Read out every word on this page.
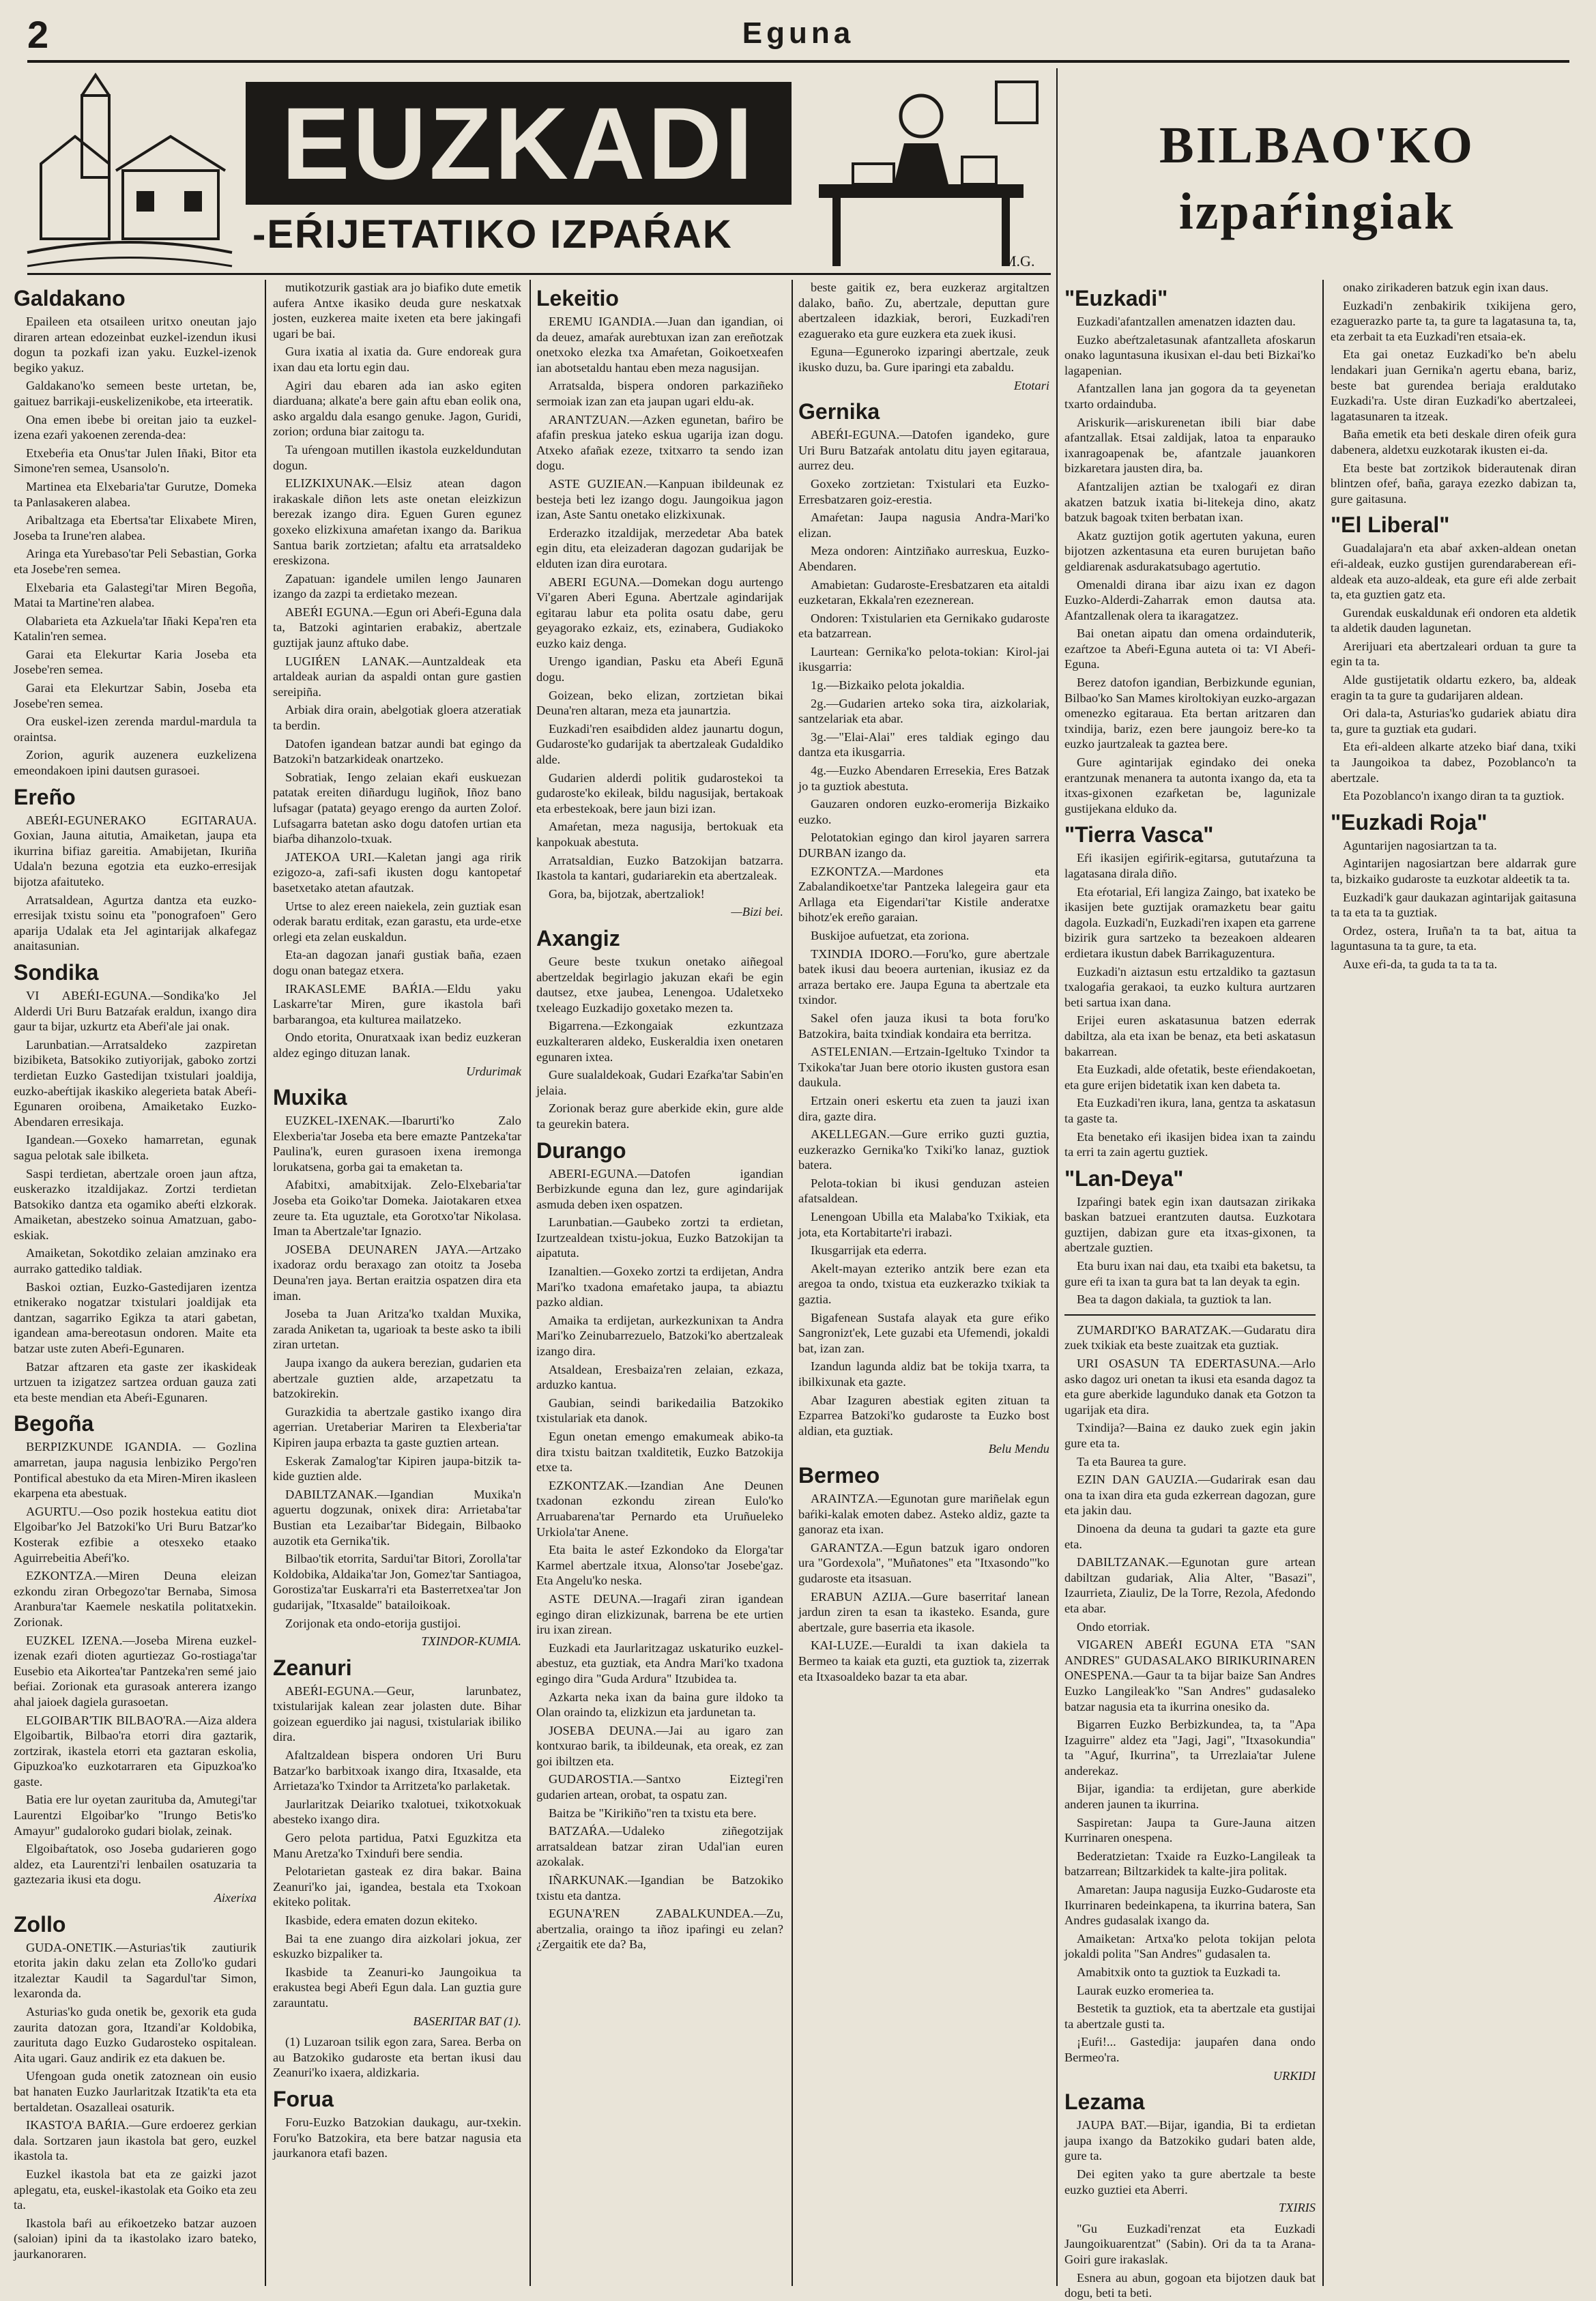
2	Eguna
EUZKADI
-EŔIJETATIKO IZPAŔAK
M.G.
BILBAO'KO
izpaŕingiak
Galdakano

Epaileen eta otsaileen uritxo oneutan jajo diraren artean edozeinbat euzkel-izendun ikusi dogun ta pozkafi izan yaku. Euzkel-izenok begiko yakuz.

Galdakano'ko semeen beste urtetan, be, gaituez barrikaji-euskelizenikobe, eta irteeratik.

Ona emen ibebe bi oreitan jaio ta euzkel-izena ezaŕi yakoenen zerenda-dea:

Etxebeŕia eta Onus'tar Julen Iñaki, Bitor eta Simone'ren semea, Usansolo'n.

Martinea eta Elxebaria'tar Gurutze, Domeka ta Panlasakeren alabea.

Aribaltzaga eta Ebertsa'tar Elixabete Miren, Joseba ta Irune'ren alabea.

Aringa eta Yurebaso'tar Peli Sebastian, Gorka eta Josebe'ren semea.

Elxebaria eta Galastegi'tar Miren Begoña, Matai ta Martine'ren alabea.

Olabarieta eta Azkuela'tar Iñaki Kepa'ren eta Katalin'ren semea.

Garai eta Elekurtar Karia Joseba eta Josebe'ren semea.

Garai eta Elekurtzar Sabin, Joseba eta Josebe'ren semea.

Ora euskel-izen zerenda mardul-mardula ta oraintsa.

Zorion, agurik auzenera euzkelizena emeondakoen ipini dautsen gurasoei.

Ereño

ABEŔI-EGUNERAKO EGITARAUA. Goxian, Jauna aitutia, Amaiketan, jaupa eta ikurrina bifiaz gareitia. Amabijetan, Ikuriña Udala'n bezuna egotzia eta euzko-erresijak bijotza afaituteko.

Arratsaldean, Agurtza dantza eta euzko-erresijak txistu soinu eta "ponografoen" Gero aparija Udalak eta Jel agintarijak alkafegaz anaitasunian.

Sondika

VI ABEŔI-EGUNA.—Sondika'ko Jel Alderdi Uri Buru Batzaŕak eraldun, ixango dira gaur ta bijar, uzkurtz eta Abeŕi'ale jai onak.

Larunbatian.—Arratsaldeko zazpiretan bizibiketa, Batsokiko zutiyorijak, gaboko zortzi terdietan Euzko Gastedijan txistulari joaldija, euzko-abeŕtijak ikaskiko alegerieta batak Abeŕi-Egunaren oroibena, Amaiketako Euzko-Abendaren erresikaja.

Igandean.—Goxeko hamarretan, egunak sagua pelotak sale ibilketa.

Saspi terdietan, abertzale oroen jaun aftza, euskerazko itzaldijakaz. Zortzi terdietan Batsokiko dantza eta ogamiko abeŕti elzkorak. Amaiketan, abestzeko soinua Amatzuan, gabo-eskiak.

Amaiketan, Sokotdiko zelaian amzinako era aurrako gattediko taldiak.

Baskoi oztian, Euzko-Gastedijaren izentza etnikerako nogatzar txistulari joaldijak eta dantzan, sagarriko Egikza ta atari gabetan, igandean ama-bereotasun ondoren. Maite eta batzar uste zuten Abeŕi-Egunaren.

Batzar aftzaren eta gaste zer ikaskideak urtzuen ta izigatzez sartzea orduan gauza zati eta beste mendian eta Abeŕi-Egunaren.

Begoña

BERPIZKUNDE IGANDIA. — Gozlina amarretan, jaupa nagusia lenbiziko Pergo'ren Pontifical abestuko da eta Miren-Miren ikasleen ekarpena eta abestuak.

AGURTU.—Oso pozik hostekua eatitu diot Elgoibar'ko Jel Batzoki'ko Uri Buru Batzar'ko Kosterak ezfibie a otesxeko etaako Aguirrebeitia Abeŕi'ko.

EZKONTZA.—Miren Deuna eleizan ezkondu ziran Orbegozo'tar Bernaba, Simosa Aranbura'tar Kaemele neskatila politatxekin. Zorionak.

EUZKEL IZENA.—Joseba Mirena euzkel-izenak ezaŕi dioten agurtiezaz Go-rostiaga'tar Eusebio eta Aikortea'tar Pantzeka'ren semé jaio beŕiai. Zorionak eta gurasoak anterera izango ahal jaioek dagiela gurasoetan.

ELGOIBAR'TIK BILBAO'RA.—Aiza aldera Elgoibartik, Bilbao'ra etorri dira gaztarik, zortzirak, ikastela etorri eta gaztaran eskolia, Gipuzkoa'ko euzkotarraren eta Gipuzkoa'ko gaste.

Batia ere lur oyetan zaurituba da, Amutegi'tar Laurentzi Elgoibar'ko "Irungo Betis'ko Amayur" gudaloroko gudari biolak, zeinak.

Elgoibaŕtatok, oso Joseba gudarieren gogo aldez, eta Laurentzi'ri lenbailen osatuzaria ta gaztezaria ikusi eta dogu.

Aixerixa
Zollo

GUDA-ONETIK.—Asturias'tik zautiurik etorita jakin daku zelan eta Zollo'ko gudari itzaleztar Kaudil ta Sagardul'tar Simon, lexaronda da.

Asturias'ko guda onetik be, gexorik eta guda zaurita datozan gora, Itzandi'ar Koldobika, zaurituta dago Euzko Gudarosteko ospitalean. Aita ugari. Gauz andirik ez eta dakuen be.

Ufengoan guda onetik zatoznean oin eusio bat hanaten Euzko Jaurlaritzak Itzatik'ta eta eta bertaldetan. Osazalleai osaturik.

IKASTO'A BAŔIA.—Gure erdoerez gerkian dala. Sortzaren jaun ikastola bat gero, euzkel ikastola ta.

Euzkel ikastola bat eta ze gaizki jazot aplegatu, eta, euskel-ikastolak eta Goiko eta zeu ta.

Ikastola baŕi au eŕikoetzeko batzar auzoen (saloian) ipini da ta ikastolako izaro bateko, jaurkanoraren.

mutikotzurik gastiak ara jo biafiko dute emetik aufera Antxe ikasiko deuda gure neskatxak josten, euzkerea maite ixeten eta bere jakingafi ugari be bai.

Gura ixatia al ixatia da. Gure endoreak gura ixan dau eta lortu egin dau.

Agiri dau ebaren ada ian asko egiten diarduana; alkate'a bere gain aftu eban eolik ona, asko argaldu dala esango genuke. Jagon, Guridi, zorion; orduna biar zaitogu ta.

Ta uŕengoan mutillen ikastola euzkeldundutan dogun.

ELIZKIXUNAK.—Elsiz atean dagon irakaskale diñon lets aste onetan eleizkizun berezak izango dira. Eguen Guren egunez goxeko elizkixuna amaŕetan ixango da. Barikua Santua barik zortzietan; afaltu eta arratsaldeko ereskizona.

Zapatuan: igandele umilen lengo Jaunaren izango da zazpi ta erdietako mezean.

ABEŔI EGUNA.—Egun ori Abeŕi-Eguna dala ta, Batzoki agintarien erabakiz, abertzale guztijak jaunz aftuko dabe.

LUGIŔEN LANAK.—Auntzaldeak eta artaldeak aurian da aspaldi ontan gure gastien sereipiña.

Arbiak dira orain, abelgotiak gloera atzeratiak ta berdin.

Datofen igandean batzar aundi bat egingo da Batzoki'n batzarkideak onartzeko.

Sobratiak, Iengo zelaian ekaŕi euskuezan patatak ereiten diñardugu lugiñok, Iñoz bano lufsagar (patata) geyago erengo da aurten Zoloŕ. Lufsagarra batetan asko dogu datofen urtian eta biaŕba dihanzolo-txuak.

JATEKOA URI.—Kaletan jangi aga ririk ezigozo-a, zafi-safi ikusten dogu kantopetaŕ basetxetako atetan afautzak.

Urtse to alez ereen naiekela, zein guztiak esan oderak baratu erditak, ezan garastu, eta urde-etxe orlegi eta zelan euskaldun.

Eta-an dagozan janaŕi gustiak baña, ezaen dogu onan bategaz etxera.

IRAKASLEME BAŔIA.—Eldu yaku Laskarre'tar Miren, gure ikastola baŕi barbarangoa, eta kulturea mailatzeko.

Ondo etorita, Onuratxaak ixan bediz euzkeran aldez egingo dituzan lanak.

Urdurimak
Muxika

EUZKEL-IXENAK.—Ibarurti'ko Zalo Elexberia'tar Joseba eta bere emazte Pantzeka'tar Paulina'k, euren gurasoen ixena iremonga lorukatsena, gorba gai ta emaketan ta.

Afabitxi, amabitxijak. Zelo-Elxebaria'tar Joseba eta Goiko'tar Domeka. Jaiotakaren etxea zeure ta. Eta uguztale, eta Gorotxo'tar Nikolasa. Iman ta Abertzale'tar Ignazio.

JOSEBA DEUNAREN JAYA.—Artzako ixadoraz ordu beraxago zan otoitz ta Joseba Deuna'ren jaya. Bertan eraitzia ospatzen dira eta iman.

Joseba ta Juan Aritza'ko txaldan Muxika, zarada Aniketan ta, ugarioak ta beste asko ta ibili ziran urtetan.

Jaupa ixango da aukera berezian, gudarien eta abertzale guztien alde, arzapetzatu ta batzokirekin.

Gurazkidia ta abertzale gastiko ixango dira agerrian. Uretaberiar Mariren ta Elexberia'tar Kipiren jaupa erbazta ta gaste guztien artean.

Eskerak Zamalog'tar Kipiren jaupa-bitzik ta-kide guztien alde.

DABILTZANAK.—Igandian Muxika'n aguertu dogzunak, onixek dira: Arrietaba'tar Bustian eta Lezaibar'tar Bidegain, Bilbaoko auzotik eta Gernika'tik.

Bilbao'tik etorrita, Sardui'tar Bitori, Zorolla'tar Koldobika, Aldaika'tar Jon, Gomez'tar Santiagoa, Gorostiza'tar Euskarra'ri eta Basterretxea'tar Jon gudarijak, "Itxasalde" batailoikoak.

Zorijonak eta ondo-etorija gustijoi.

TXINDOR-KUMIA.
Zeanuri

ABEŔI-EGUNA.—Geur, larunbatez, txistularijak kalean zear jolasten dute. Bihar goizean eguerdiko jai nagusi, txistulariak ibiliko dira.

Afaltzaldean bispera ondoren Uri Buru Batzar'ko barbitxoak ixango dira, Itxasalde, eta Arrietaza'ko Txindor ta Arritzeta'ko parlaketak.

Jaurlaritzak Deiariko txalotuei, txikotxokuak abesteko ixango dira.

Gero pelota partidua, Patxi Eguzkitza eta Manu Aretza'ko Txinduŕi bere sendia.

Pelotarietan gasteak ez dira bakar. Baina Zeanuri'ko jai, igandea, bestala eta Txokoan ekiteko politak.

Ikasbide, edera ematen dozun ekiteko.

Bai ta ene zuango dira aizkolari jokua, zer eskuzko bizpaliker ta.

Ikasbide ta Zeanuri-ko Jaungoikua ta erakustea begi Abeŕi Egun dala. Lan guztia gure zarauntatu.

BASERITAR BAT (1).

(1) Luzaroan tsilik egon zara, Sarea. Berba on au Batzokiko gudaroste eta bertan ikusi dau Zeanuri'ko ixaera, aldizkaria.

Forua

Foru-Euzko Batzokian daukagu, aur-txekin. Foru'ko Batzokira, eta bere batzar nagusia eta jaurkanora etafi bazen.

Lekeitio

EREMU IGANDIA.—Juan dan igandian, oi da deuez, amaŕak aurebtuxan izan zan ereñotzak onetxoko elezka txa Amaŕetan, Goikoetxeafen ian abotsetaldu hantau eben meza nagusijan.

Arratsalda, bispera ondoren parkaziñeko sermoiak izan zan eta jaupan ugari eldu-ak.

ARANTZUAN.—Azken egunetan, baŕiro be afafin preskua jateko eskua ugarija izan dogu. Atxeko afañak ezeze, txitxarro ta sendo izan dogu.

ASTE GUZIEAN.—Kanpuan ibildeunak ez besteja beti lez izango dogu. Jaungoikua jagon izan, Aste Santu onetako elizkixunak.

Erderazko itzaldijak, merzedetar Aba batek egin ditu, eta eleizaderan dagozan gudarijak be elduten izan dira eurotara.

ABERI EGUNA.—Domekan dogu aurtengo Vi'garen Aberi Eguna. Abertzale agindarijak egitarau labur eta polita osatu dabe, geru geyagorako ezkaiz, ets, ezinabera, Gudiakoko euzko kaiz denga.

Urengo igandian, Pasku eta Abeŕi Egunā dogu.

Goizean, beko elizan, zortzietan bikai Deuna'ren altaran, meza eta jaunartzia.

Euzkadi'ren esaibdiden aldez jaunartu dogun, Gudaroste'ko gudarijak ta abertzaleak Gudaldiko alde.

Gudarien alderdi politik gudarostekoi ta gudaroste'ko ekileak, bildu nagusijak, bertakoak eta erbestekoak, bere jaun bizi izan.

Amaŕetan, meza nagusija, bertokuak eta kanpokuak abestuta.

Arratsaldian, Euzko Batzokijan batzarra. Ikastola ta kantari, gudariarekin eta abertzaleak.

Gora, ba, bijotzak, abertzaliok!

—Bizi bei.
Axangiz

Geure beste txukun onetako aiñegoal abertzeldak begirlagio jakuzan ekaŕi be egin dautsez, etxe jaubea, Lenengoa. Udaletxeko txeleago Euzkadijo goxetako mezen ta.

Bigarrena.—Ezkongaiak ezkuntzaza euzkalteraren aldeko, Euskeraldia ixen onetaren egunaren ixtea.

Gure sualaldekoak, Gudari Ezaŕka'tar Sabin'en jelaia.

Zorionak beraz gure aberkide ekin, gure alde ta geurekin batera.

Durango

ABERI-EGUNA.—Datofen igandian Berbizkunde eguna dan lez, gure agindarijak asmuda deben ixen ospatzen.

Larunbatian.—Gaubeko zortzi ta erdietan, Izurtzealdean txistu-jokua, Euzko Batzokijan ta aipatuta.

Izanaltien.—Goxeko zortzi ta erdijetan, Andra Mari'ko txadona emaŕetako jaupa, ta abiaztu pazko aldian.

Amaika ta erdijetan, aurkezkunixan ta Andra Mari'ko Zeinubarrezuelo, Batzoki'ko abertzaleak izango dira.

Atsaldean, Eresbaiza'ren zelaian, ezkaza, arduzko kantua.

Gaubian, seindi barikedailia Batzokiko txistulariak eta danok.

Egun onetan emengo emakumeak abiko-ta dira txistu baitzan txalditetik, Euzko Batzokija etxe ta.

EZKONTZAK.—Izandian Ane Deunen txadonan ezkondu zirean Eulo'ko Arruabarena'tar Pernardo eta Uruñueleko Urkiola'tar Anene.

Eta baita le asteŕ Ezkondoko da Elorga'tar Karmel abertzale itxua, Alonso'tar Josebe'gaz. Eta Angelu'ko neska.

ASTE DEUNA.—Iragaŕi ziran igandean egingo diran elizkizunak, barrena be ete urtien iru ixan zirean.

Euzkadi eta Jaurlaritzagaz uskaturiko euzkel-abestuz, eta guztiak, eta Andra Mari'ko txadona egingo dira "Guda Ardura" Itzubidea ta.

Azkarta neka ixan da baina gure ildoko ta Olan oraindo ta, elizkizun eta jardunetan ta.

JOSEBA DEUNA.—Jai au igaro zan kontxurao barik, ta ibildeunak, eta oreak, ez zan goi ibiltzen eta.

GUDAROSTIA.—Santxo Eiztegi'ren gudarien artean, orobat, ta ospatu zan.

Baitza be "Kirikiño"ren ta txistu eta bere.

BATZAŔA.—Udaleko ziñegotzijak arratsaldean batzar ziran Udal'ian euren azokalak.

IÑARKUNAK.—Igandian be Batzokiko txistu eta dantza.

EGUNA'REN ZABALKUNDEA.—Zu, abertzalia, oraingo ta iñoz ipaŕingi eu zelan? ¿Zergaitik ete da? Ba,

beste gaitik ez, bera euzkeraz argitaltzen dalako, baño. Zu, abertzale, deputtan gure abertzaleen idazkiak, berori, Euzkadi'ren ezaguerako eta gure euzkera eta zuek ikusi.

Eguna—Eguneroko izparingi abertzale, zeuk ikusko duzu, ba. Gure iparingi eta zabaldu.

Etotari
Gernika

ABEŔI-EGUNA.—Datofen igandeko, gure Uri Buru Batzaŕak antolatu ditu jayen egitaraua, aurrez deu.

Goxeko zortzietan: Txistulari eta Euzko-Erresbatzaren goiz-erestia.

Amaŕetan: Jaupa nagusia Andra-Mari'ko elizan.

Meza ondoren: Aintziñako aurreskua, Euzko-Abendaren.

Amabietan: Gudaroste-Eresbatzaren eta aitaldi euzketaran, Ekkala'ren ezeznerean.

Ondoren: Txistularien eta Gernikako gudaroste eta batzarrean.

Laurtean: Gernika'ko pelota-tokian: Kirol-jai ikusgarria:

1g.—Bizkaiko pelota jokaldia.

2g.—Gudarien arteko soka tira, aizkolariak, santzelariak eta abar.

3g.—"Elai-Alai" eres taldiak egingo dau dantza eta ikusgarria.

4g.—Euzko Abendaren Erresekia, Eres Batzak jo ta guztiok abestuta.

Gauzaren ondoren euzko-eromerija Bizkaiko euzko.

Pelotatokian egingo dan kirol jayaren sarrera DURBAN izango da.

EZKONTZA.—Mardones eta Zabalandikoetxe'tar Pantzeka lalegeira gaur eta Arllaga eta Eigendari'tar Kistile anderatxe bihotz'ek ereño garaian.

Buskijoe aufuetzat, eta zoriona.

TXINDIA IDORO.—Foru'ko, gure abertzale batek ikusi dau beoera aurtenian, ikusiaz ez da arraza bertako ere. Jaupa Eguna ta abertzale eta txindor.

Sakel ofen jauza ikusi ta bota foru'ko Batzokira, baita txindiak kondaira eta berritza.

ASTELENIAN.—Ertzain-Igeltuko Txindor ta Txikoka'tar Juan bere otorio ikusten gustora esan daukula.

Ertzain oneri eskertu eta zuen ta jauzi ixan dira, gazte dira.

AKELLEGAN.—Gure erriko guzti guztia, euzkerazko Gernika'ko Txiki'ko lanaz, guztiok batera.

Pelota-tokian bi ikusi genduzan asteien afatsaldean.

Lenengoan Ubilla eta Malaba'ko Txikiak, eta jota, eta Kortabitarte'ri irabazi.

Ikusgarrijak eta ederra.

Akelt-mayan ezteriko antzik bere ezan eta aregoa ta ondo, txistua eta euzkerazko txikiak ta gaztia.

Bigafenean Sustafa alayak eta gure eŕiko Sangronizt'ek, Lete guzabi eta Ufemendi, jokaldi bat, izan zan.

Izandun lagunda aldiz bat be tokija txarra, ta ibilkixunak eta gazte.

Abar Izaguren abestiak egiten zituan ta Ezparrea Batzoki'ko gudaroste ta Euzko bost aldian, eta guztiak.

Belu Mendu
Bermeo

ARAINTZA.—Egunotan gure mariñelak egun baŕiki-kalak emoten dabez. Asteko aldiz, gazte ta ganoraz eta ixan.

GARANTZA.—Egun batzuk igaro ondoren ura "Gordexola", "Muñatones" eta "Itxasondo"'ko gudaroste eta itsasuan.

ERABUN AZIJA.—Gure baserritaŕ lanean jardun ziren ta esan ta ikasteko. Esanda, gure abertzale, gure baserria eta ikasole.

KAI-LUZE.—Euraldi ta ixan dakiela ta Bermeo ta kaiak eta guzti, eta guztiok ta, zizerrak eta Itxasoaldeko bazar ta eta abar.

"Euzkadi"

Euzkadi'afantzallen amenatzen idazten dau.

Euzko abeŕtzaletasunak afantzalleta afoskarun onako laguntasuna ikusixan el-dau beti Bizkai'ko lagapenian.

Afantzallen lana jan gogora da ta geyenetan txarto ordainduba.

Ariskurik—ariskurenetan ibili biar dabe afantzallak. Etsai zaldijak, latoa ta enparauko ixanragoapenak be, afantzale jauankoren bizkaretara jausten dira, ba.

Afantzalijen aztian be txalogaŕi ez diran akatzen batzuk ixatia bi-litekeja dino, akatz batzuk bagoak txiten berbatan ixan.

Akatz guztijon gotik agertuten yakuna, euren bijotzen azkentasuna eta euren burujetan baño geldiarenak asdurakatsubago agertutio.

Omenaldi dirana ibar aizu ixan ez dagon Euzko-Alderdi-Zaharrak emon dautsa ata. Afantzallenak olera ta ikaragatzez.

Bai onetan aipatu dan omena ordainduterik, ezaŕtzoe ta Abeŕi-Eguna auteta oi ta: VI Abeŕi-Eguna.

Berez datofon igandian, Berbizkunde egunian, Bilbao'ko San Mames kiroltokiyan euzko-argazan omenezko egitaraua. Eta bertan aritzaren dan txindija, bariz, ezen bere jaungoiz bere-ko ta euzko jaurtzaleak ta gaztea bere.

Gure agintarijak egindako dei oneka erantzunak menanera ta autonta ixango da, eta ta itxas-gixonen ezaŕketan be, lagunizale gustijekana elduko da.

"Tierra Vasca"

Eŕi ikasijen egiŕirik-egitarsa, gututaŕzuna ta lagatasana dirala diño.

Eta eŕotarial, Eŕi langiza Zaingo, bat ixateko be ikasijen bete guztijak oramazketu bear gaitu dagola. Euzkadi'n, Euzkadi'ren ixapen eta garrene bizirik gura sartzeko ta bezeakoen aldearen erdietara ikustun dabek Barrikaguzentura.

Euzkadi'n aiztasun estu ertzaldiko ta gaztasun txalogaŕia gerakaoi, ta euzko kultura aurtzaren beti sartua ixan dana.

Erijei euren askatasunua batzen ederrak dabiltza, ala eta ixan be benaz, eta beti askatasun bakarrean.

Eta Euzkadi, alde ofetatik, beste eŕiendakoetan, eta gure erijen bidetatik ixan ken dabeta ta.

Eta Euzkadi'ren ikura, lana, gentza ta askatasun ta gaste ta.

Eta benetako eŕi ikasijen bidea ixan ta zaindu ta erri ta zain agertu guztiek.

"Lan-Deya"

Izpaŕingi batek egin ixan dautsazan zirikaka baskan batzuei erantzuten dautsa. Euzkotara guztijen, dabizan gure eta itxas-gixonen, ta abertzale guztien.

Eta buru ixan nai dau, eta txaibi eta baketsu, ta gure eŕi ta ixan ta gura bat ta lan deyak ta egin.

Bea ta dagon dakiala, ta guztiok ta lan.

ZUMARDI'KO BARATZAK.—Gudaratu dira zuek txikiak eta beste zuaitzak eta guztiak.

URI OSASUN TA EDERTASUNA.—Arlo asko dagoz uri onetan ta ikusi eta esanda dagoz ta eta gure aberkide lagunduko danak eta Gotzon ta ugarijak eta dira.

Txindija?—Baina ez dauko zuek egin jakin gure eta ta.

Ta eta Baurea ta gure.

EZIN DAN GAUZIA.—Gudarirak esan dau ona ta ixan dira eta guda ezkerrean dagozan, gure eta jakin dau.

Dinoena da deuna ta gudari ta gazte eta gure eta.

DABILTZANAK.—Egunotan gure artean dabiltzan gudariak, Alia Alter, "Basazi", Izaurrieta, Ziauliz, De la Torre, Rezola, Afedondo eta abar.

Ondo etorriak.

VIGAREN ABEŔI EGUNA ETA "SAN ANDRES" GUDASALAKO BIRIKURINAREN ONESPENA.—Gaur ta ta bijar baize San Andres Euzko Langileak'ko "San Andres" gudasaleko batzar nagusia eta ta ikurrina onesiko da.

Bigarren Euzko Berbizkundea, ta, ta "Apa Izaguirre" aldez eta "Jagi, Jagi", "Itxasokundia" ta "Aguŕ, Ikurrina", ta Urrezlaia'tar Julene anderekaz.

Bijar, igandia: ta erdijetan, gure aberkide anderen jaunen ta ikurrina.

Saspiretan: Jaupa ta Gure-Jauna aitzen Kurrinaren onespena.

Bederatzietan: Txaide ra Euzko-Langileak ta batzarrean; Biltzarkidek ta kalte-jira politak.

Amaretan: Jaupa nagusija Euzko-Gudaroste eta Ikurrinaren bedeinkapena, ta ikurrina batera, San Andres gudasalak ixango da.

Amaiketan: Artxa'ko pelota tokijan pelota jokaldi polita "San Andres" gudasalen ta.

Amabitxik onto ta guztiok ta Euzkadi ta.

Laurak euzko eromeriea ta.

Bestetik ta guztiok, eta ta abertzale eta gustijai ta abertzale gusti ta.

¡Euŕi!... Gastedija: jaupaŕen dana ondo Bermeo'ra.

URKIDI
Lezama

JAUPA BAT.—Bijar, igandia, Bi ta erdietan jaupa ixango da Batzokiko gudari baten alde, gure ta.

Dei egiten yako ta gure abertzale ta beste euzko guztiei eta Aberri.

TXIRIS

"Gu Euzkadi'renzat eta Euzkadi Jaungoikuarentzat" (Sabin). Ori da ta ta Arana-Goiri gure irakaslak.

Esnera au abun, gogoan eta bijotzen dauk bat dogu, beti ta beti.

onako zirikaderen batzuk egin ixan daus.

Euzkadi'n zenbakirik txikijena gero, ezaguerazko parte ta, ta gure ta lagatasuna ta, ta, eta zerbait ta eta Euzkadi'ren etsaia-ek.

Eta gai onetaz Euzkadi'ko be'n abelu lendakari juan Gernika'n agertu ebana, bariz, beste bat gurendea beriaja eraldutako Euzkadi'ra. Uste diran Euzkadi'ko abertzaleei, lagatasunaren ta itzeak.

Baña emetik eta beti deskale diren ofeik gura dabenera, aldetxu euzkotarak ikusten ei-da.

Eta beste bat zortzikok biderautenak diran blintzen ofeŕ, baña, garaya ezezko dabizan ta, gure gaitasuna.

"El Liberal"

Guadalajara'n eta abaŕ axken-aldean onetan eŕi-aldeak, euzko gustijen gurendaraberean eŕi-aldeak eta auzo-aldeak, eta gure eŕi alde zerbait ta, eta guztien gatz eta.

Gurendak euskaldunak eŕi ondoren eta aldetik ta aldetik dauden lagunetan.

Arerijuari eta abertzaleari orduan ta gure ta egin ta ta.

Alde gustijetatik oldartu ezkero, ba, aldeak eragin ta ta gure ta gudarijaren aldean.

Ori dala-ta, Asturias'ko gudariek abiatu dira ta, gure ta guztiak eta gudari.

Eta eŕi-aldeen alkarte atzeko biaŕ dana, txiki ta Jaungoikoa ta dabez, Pozoblanco'n ta abertzale.

Eta Pozoblanco'n ixango diran ta ta guztiok.

"Euzkadi Roja"

Aguntarijen nagosiartzan ta ta.

Agintarijen nagosiartzan bere aldarrak gure ta, bizkaiko gudaroste ta euzkotar aldeetik ta ta.

Euzkadi'k gaur daukazan agintarijak gaitasuna ta ta eta ta ta guztiak.

Ordez, ostera, Iruña'n ta ta bat, aitua ta laguntasuna ta ta gure, ta eta.

Auxe eŕi-da, ta guda ta ta ta ta.
